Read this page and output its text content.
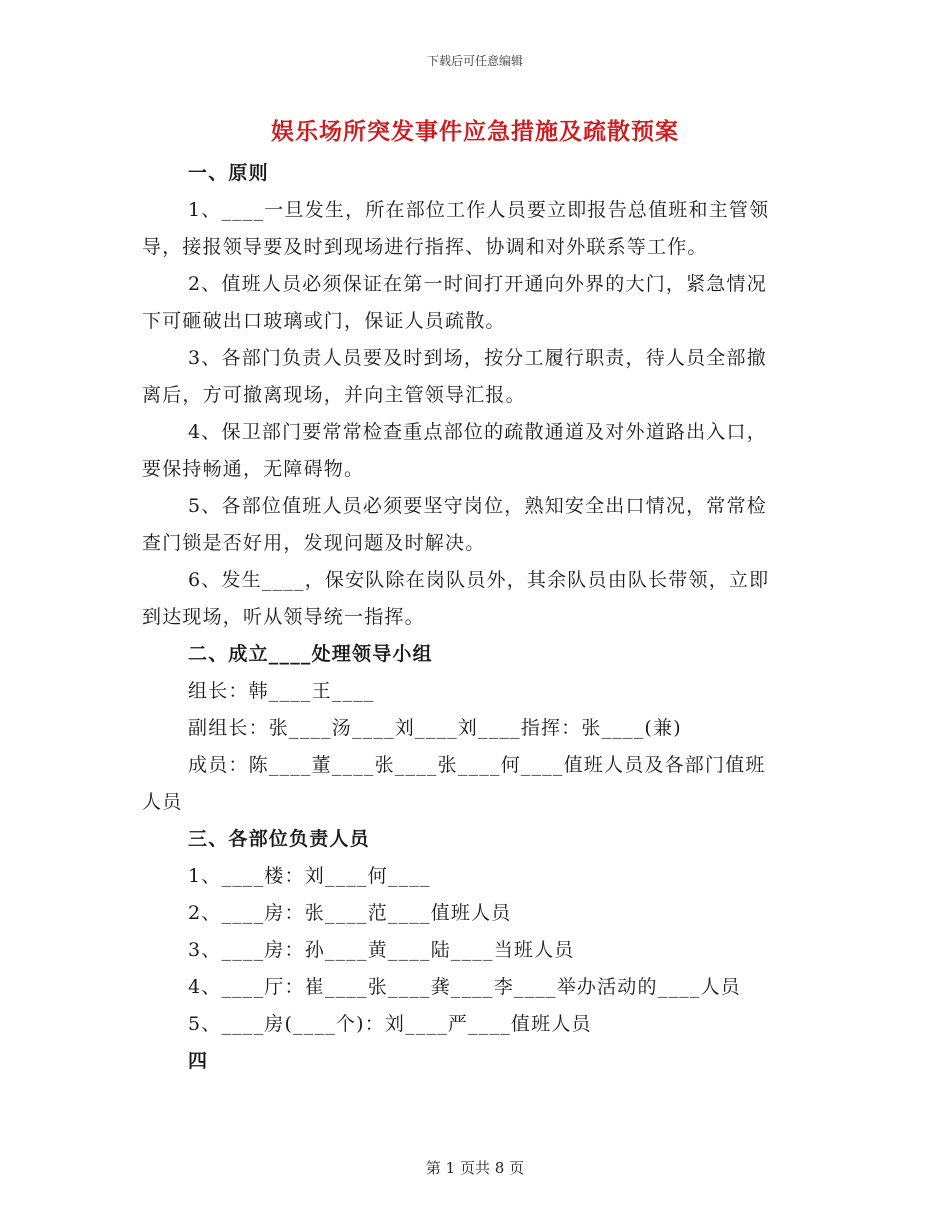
下载后可任意编辑
娱乐场所突发事件应急措施及疏散预案
一、原则
1、____一旦发生，所在部位工作人员要立即报告总值班和主管领
导，接报领导要及时到现场进行指挥、协调和对外联系等工作。
2、值班人员必须保证在第一时间打开通向外界的大门，紧急情况
下可砸破出口玻璃或门，保证人员疏散。
3、各部门负责人员要及时到场，按分工履行职责，待人员全部撤
离后，方可撤离现场，并向主管领导汇报。
4、保卫部门要常常检查重点部位的疏散通道及对外道路出入口，
要保持畅通，无障碍物。
5、各部位值班人员必须要坚守岗位，熟知安全出口情况，常常检
查门锁是否好用，发现问题及时解决。
6、发生____，保安队除在岗队员外，其余队员由队长带领，立即
到达现场，听从领导统一指挥。
二、成立____处理领导小组
组长：韩____王____
副组长：张____汤____刘____刘____指挥：张____(兼)
成员：陈____董____张____张____何____值班人员及各部门值班
人员
三、各部位负责人员
1、____楼：刘____何____
2、____房：张____范____值班人员
3、____房：孙____黄____陆____当班人员
4、____厅：崔____张____龚____李____举办活动的____人员
5、____房(____个)：刘____严____值班人员
四
第 1 页共 8 页
